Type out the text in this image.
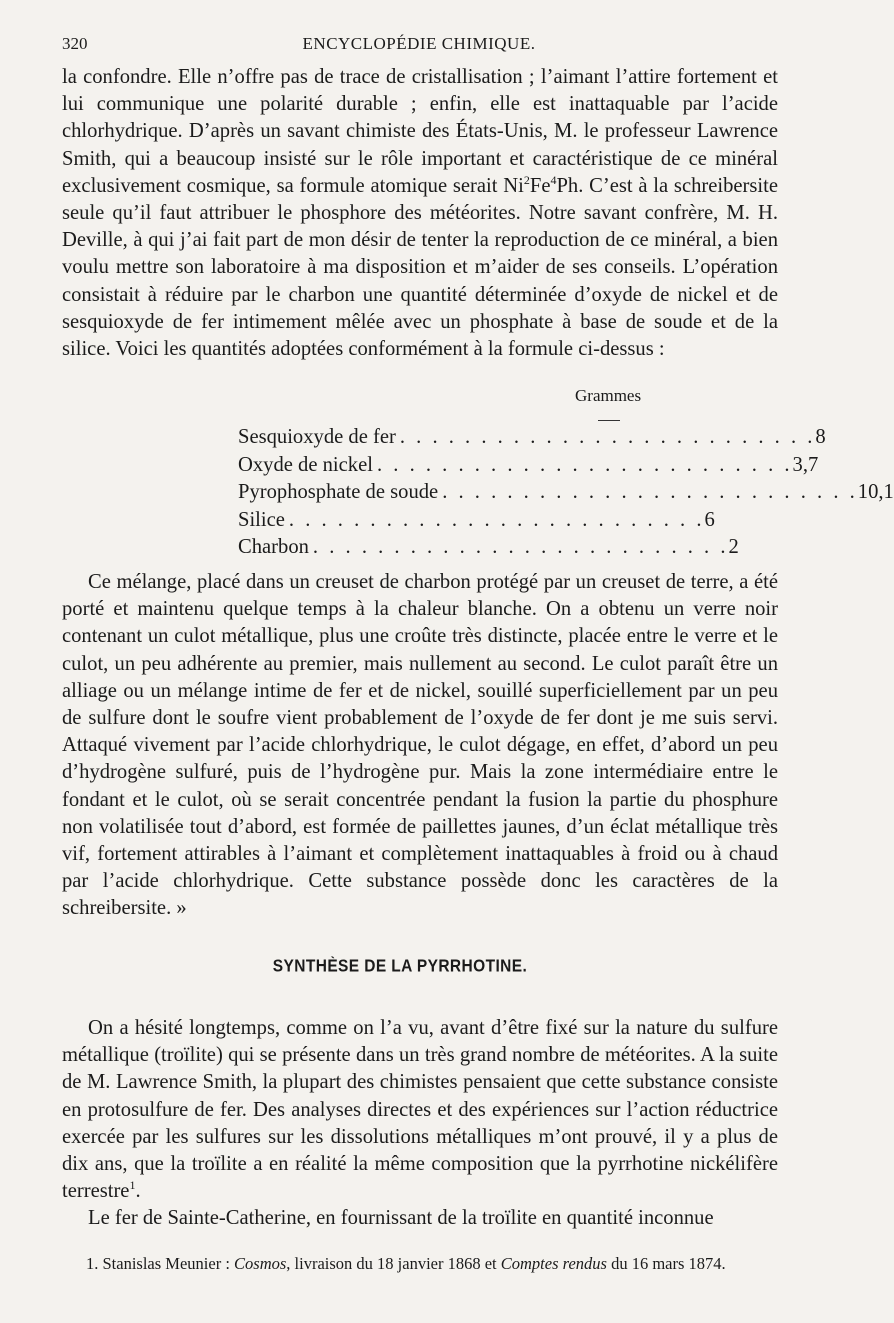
320	ENCYCLOPÉDIE CHIMIQUE.

la confondre. Elle n’offre pas de trace de cristallisation ; l’aimant l’attire fortement et lui communique une polarité durable ; enfin, elle est inattaquable par l’acide chlorhydrique. D’après un savant chimiste des États-Unis, M. le professeur Lawrence Smith, qui a beaucoup insisté sur le rôle important et caractéristique de ce minéral exclusivement cosmique, sa formule atomique serait Ni$^2$Fe$^4$Ph. C’est à la schreibersite seule qu’il faut attribuer le phosphore des météorites. Notre savant confrère, M. H. Deville, à qui j’ai fait part de mon désir de tenter la reproduction de ce minéral, a bien voulu mettre son laboratoire à ma disposition et m’aider de ses conseils. L’opération consistait à réduire par le charbon une quantité déterminée d’oxyde de nickel et de sesquioxyde de fer intimement mêlée avec un phosphate à base de soude et de la silice. Voici les quantités adoptées conformément à la formule ci-dessus :

Grammes
Sesquioxyde de fer . . . . . . . . . . . . . . . . . . . . . . . . . . 8
Oxyde de nickel . . . . . . . . . . . . . . . . . . . . . . . . . . 3,7
Pyrophosphate de soude . . . . . . . . . . . . . . . . . . . . . . . . . . 10,1
Silice . . . . . . . . . . . . . . . . . . . . . . . . . . 6
Charbon . . . . . . . . . . . . . . . . . . . . . . . . . . 2

Ce mélange, placé dans un creuset de charbon protégé par un creuset de terre, a été porté et maintenu quelque temps à la chaleur blanche. On a obtenu un verre noir contenant un culot métallique, plus une croûte très distincte, placée entre le verre et le culot, un peu adhérente au premier, mais nullement au second. Le culot paraît être un alliage ou un mélange intime de fer et de nickel, souillé superficiellement par un peu de sulfure dont le soufre vient probablement de l’oxyde de fer dont je me suis servi. Attaqué vivement par l’acide chlorhydrique, le culot dégage, en effet, d’abord un peu d’hydrogène sulfuré, puis de l’hydrogène pur. Mais la zone intermédiaire entre le fondant et le culot, où se serait concentrée pendant la fusion la partie du phosphure non volatilisée tout d’abord, est formée de paillettes jaunes, d’un éclat métallique très vif, fortement attirables à l’aimant et complètement inattaquables à froid ou à chaud par l’acide chlorhydrique. Cette substance possède donc les caractères de la schreibersite. »

SYNTHÈSE DE LA PYRRHOTINE.

On a hésité longtemps, comme on l’a vu, avant d’être fixé sur la nature du sulfure métallique (troïlite) qui se présente dans un très grand nombre de météorites. A la suite de M. Lawrence Smith, la plupart des chimistes pensaient que cette substance consiste en protosulfure de fer. Des analyses directes et des expériences sur l’action réductrice exercée par les sulfures sur les dissolutions métalliques m’ont prouvé, il y a plus de dix ans, que la troïlite a en réalité la même composition que la pyrrhotine nickélifère terrestre$^1$.

Le fer de Sainte-Catherine, en fournissant de la troïlite en quantité inconnue

1. Stanislas Meunier : Cosmos, livraison du 18 janvier 1868 et Comptes rendus du 16 mars 1874.
